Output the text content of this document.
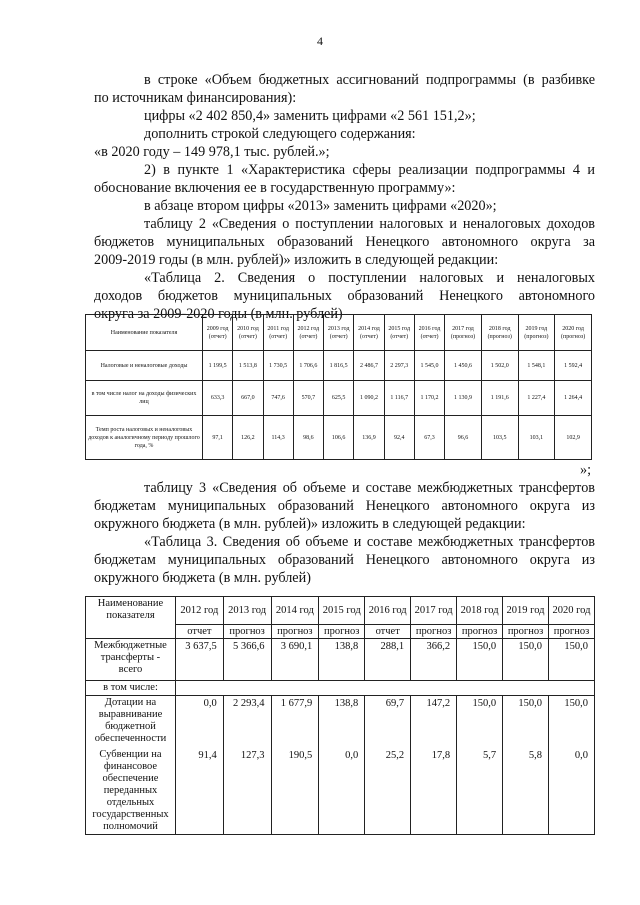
4
в строке «Объем бюджетных ассигнований подпрограммы (в разбивке
по источникам финансирования):
цифры «2 402 850,4» заменить цифрами «2 561 151,2»;
дополнить строкой следующего содержания:
«в 2020 году – 149 978,1 тыс. рублей.»;
2) в пункте 1 «Характеристика сферы реализации подпрограммы 4 и
обоснование включения ее в государственную программу»:
в абзаце втором цифры «2013» заменить цифрами «2020»;
таблицу 2 «Сведения о поступлении налоговых и неналоговых доходов
бюджетов муниципальных образований Ненецкого автономного округа за
2009-2019 годы (в млн. рублей)» изложить в следующей редакции:
«Таблица 2. Сведения о поступлении налоговых и неналоговых
доходов бюджетов муниципальных образований Ненецкого автономного
округа за 2009-2020 годы (в млн. рублей)
Наименование показателя	2009 год (отчет)	2010 год (отчет)	2011 год (отчет)	2012 год (отчет)	2013 год (отчет)	2014 год (отчет)	2015 год (отчет)	2016 год (отчет)	2017 год (прогноз)	2018 год (прогноз)	2019 год (прогноз)	2020 год (прогноз)
Налоговые и неналоговые доходы	1 199,5	1 513,8	1 730,5	1 706,6	1 816,5	2 486,7	2 297,3	1 545,0	1 450,6	1 502,0	1 548,1	1 592,4
в том числе налог на доходы физических лиц	633,3	667,0	747,6	570,7	625,5	1 090,2	1 116,7	1 170,2	1 130,9	1 191,6	1 227,4	1 264,4
Темп роста налоговых и неналоговых доходов к аналогичному периоду прошлого года, %	97,1	126,2	114,3	98,6	106,6	136,9	92,4	67,3	96,6	103,5	103,1	102,9
»;
таблицу 3 «Сведения об объеме и составе межбюджетных трансфертов
бюджетам муниципальных образований Ненецкого автономного округа из
окружного бюджета (в млн. рублей)» изложить в следующей редакции:
«Таблица 3. Сведения об объеме и составе межбюджетных трансфертов
бюджетам муниципальных образований Ненецкого автономного округа из
окружного бюджета (в млн. рублей)
Наименование показателя	2012 год	2013 год	2014 год	2015 год	2016 год	2017 год	2018 год	2019 год	2020 год
	отчет	прогноз	прогноз	прогноз	отчет	прогноз	прогноз	прогноз	прогноз
Межбюджетные трансферты - всего	3 637,5	5 366,6	3 690,1	138,8	288,1	366,2	150,0	150,0	150,0
в том числе:									
Дотации на выравнивание бюджетной обеспеченности	0,0	2 293,4	1 677,9	138,8	69,7	147,2	150,0	150,0	150,0
Субвенции на финансовое обеспечение переданных отдельных государственных полномочий	91,4	127,3	190,5	0,0	25,2	17,8	5,7	5,8	0,0
